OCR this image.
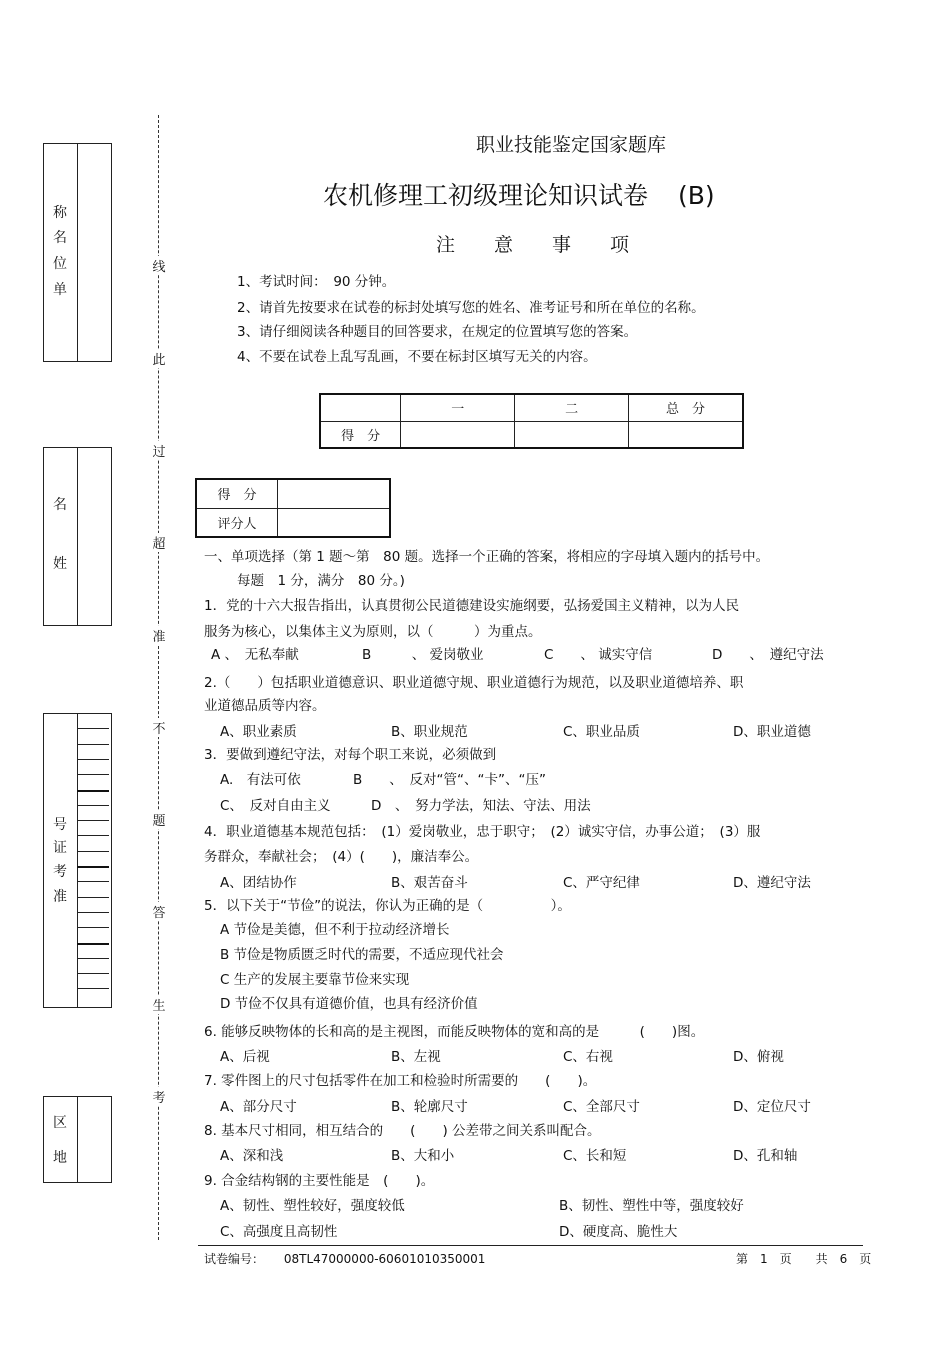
称
名
位
单
名
姓
号
证
考
准
区
地
线
此
过
超
准
不
题
答
生
考
职业技能鉴定国家题库
农机修理工初级理论知识试卷 (B)
注　意　事　项
1、考试时间：　90 分钟。
2、请首先按要求在试卷的标封处填写您的姓名、准考证号和所在单位的名称。
3、请仔细阅读各种题目的回答要求，在规定的位置填写您的答案。
4、不要在试卷上乱写乱画，不要在标封区填写无关的内容。
	一	二	总　分
得　分			
得　分	
评分人	
一、单项选择（第 1 题～第　80 题。选择一个正确的答案，将相应的字母填入题内的括号中。
每题　1 分，满分　80 分。)
1．党的十六大报告指出，认真贯彻公民道德建设实施纲要，弘扬爱国主义精神，以为人民
服务为核心，以集体主义为原则，以（　　　）为重点。
A 、　无私奉献	B　　　、 爱岗敬业	C　　、 诚实守信	D　　、　遵纪守法
2.（　　）包括职业道德意识、职业道德守规、职业道德行为规范，以及职业道德培养、职
业道德品质等内容。
A、职业素质	B、职业规范	C、职业品质	D、职业道德
3．要做到遵纪守法，对每个职工来说，必须做到
A.　有法可依	B　　、　反对“管“、“卡”、“压”
C、　反对自由主义	D　、　努力学法，知法、守法、用法
4．职业道德基本规范包括：　(1）爱岗敬业，忠于职守；　(2）诚实守信，办事公道；　(3）服
务群众，奉献社会；　(4）(　　)，廉洁奉公。
A、团结协作	B、艰苦奋斗	C、严守纪律	D、遵纪守法
5．以下关于“节俭”的说法，你认为正确的是（　　　　　）。
A 节俭是美德，但不利于拉动经济增长
B 节俭是物质匮乏时代的需要，不适应现代社会
C 生产的发展主要靠节俭来实现
D 节俭不仅具有道德价值，也具有经济价值
6. 能够反映物体的长和高的是主视图，而能反映物体的宽和高的是　　　(　　)图。
A、后视	B、左视	C、右视	D、俯视
7. 零件图上的尺寸包括零件在加工和检验时所需要的　　(　　)。
A、部分尺寸	B、轮廓尺寸	C、全部尺寸	D、定位尺寸
8. 基本尺寸相同，相互结合的　　(　　) 公差带之间关系叫配合。
A、深和浅	B、大和小	C、长和短	D、孔和轴
9. 合金结构钢的主要性能是　(　　)。
A、韧性、塑性较好，强度较低	B、韧性、塑性中等，强度较好
C、高强度且高韧性	D、硬度高、脆性大
试卷编号： 08TL47000000-60601010350001	第　1　页　　共　6　页
